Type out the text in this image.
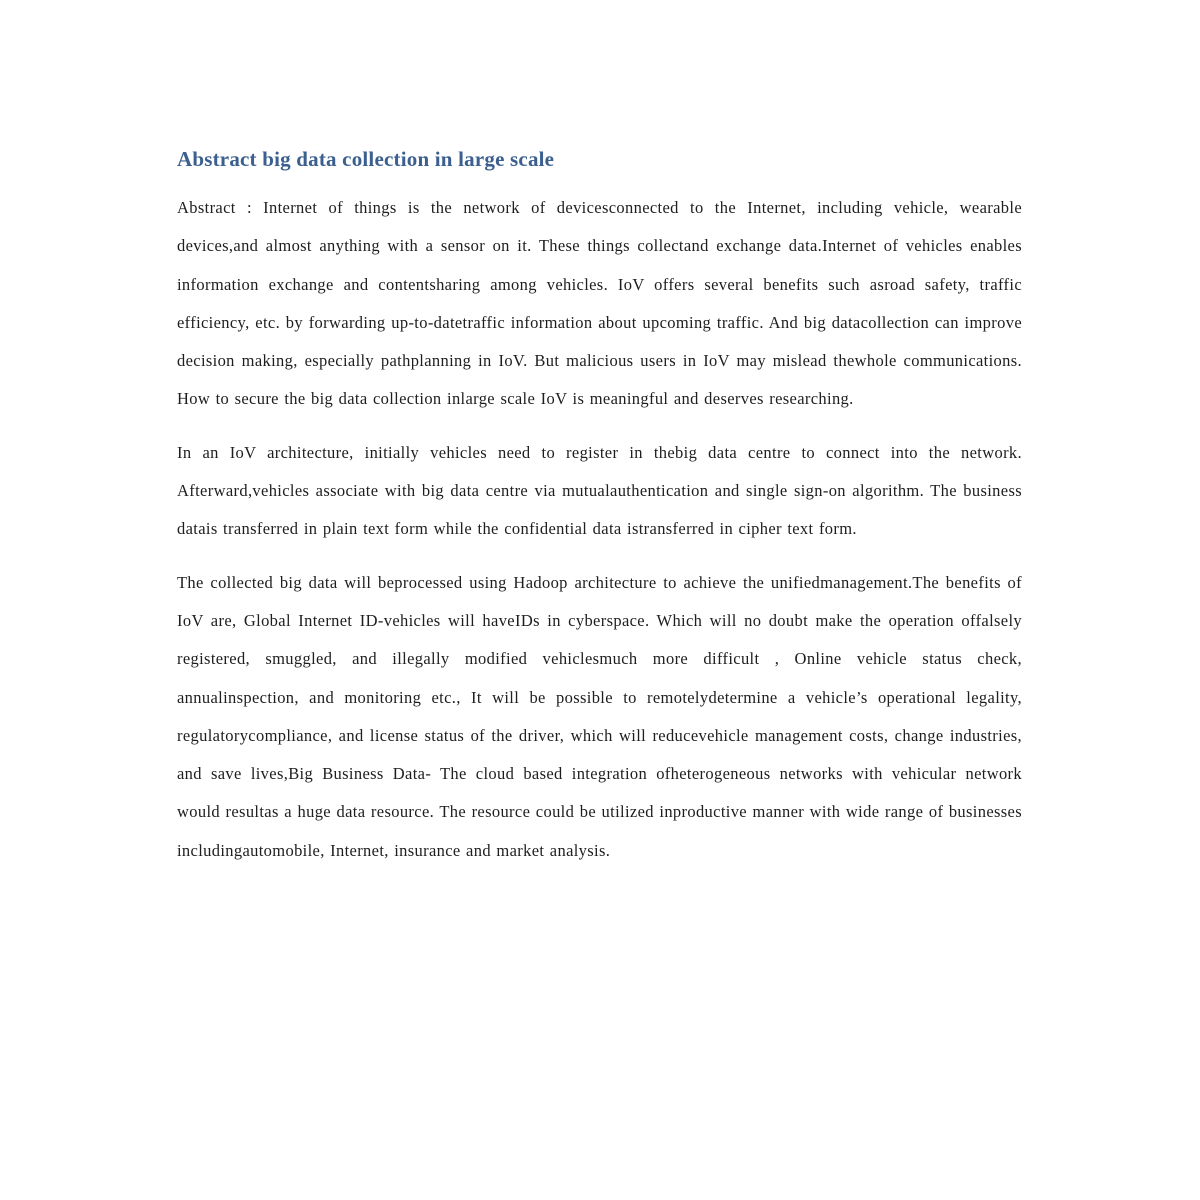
Abstract big data collection in large scale

Abstract : Internet of things is the network of devicesconnected to the Internet, including vehicle, wearable devices,and almost anything with a sensor on it. These things collectand exchange data.Internet of vehicles enables information exchange and contentsharing among vehicles. IoV offers several benefits such asroad safety, traffic efficiency, etc. by forwarding up-to-datetraffic information about upcoming traffic. And big datacollection can improve decision making, especially pathplanning in IoV. But malicious users in IoV may mislead thewhole communications. How to secure the big data collection inlarge scale IoV is meaningful and deserves researching.

In an IoV architecture, initially vehicles need to register in thebig data centre to connect into the network. Afterward,vehicles associate with big data centre via mutualauthentication and single sign-on algorithm. The business datais transferred in plain text form while the confidential data istransferred in cipher text form.

The collected big data will beprocessed using Hadoop architecture to achieve the unifiedmanagement.The benefits of IoV are, Global Internet ID-vehicles will haveIDs in cyberspace. Which will no doubt make the operation offalsely registered, smuggled, and illegally modified vehiclesmuch more difficult , Online vehicle status check, annualinspection, and monitoring etc., It will be possible to remotelydetermine a vehicle’s operational legality, regulatorycompliance, and license status of the driver, which will reducevehicle management costs, change industries, and save lives,Big Business Data- The cloud based integration ofheterogeneous networks with vehicular network would resultas a huge data resource. The resource could be utilized inproductive manner with wide range of businesses includingautomobile, Internet, insurance and market analysis.
